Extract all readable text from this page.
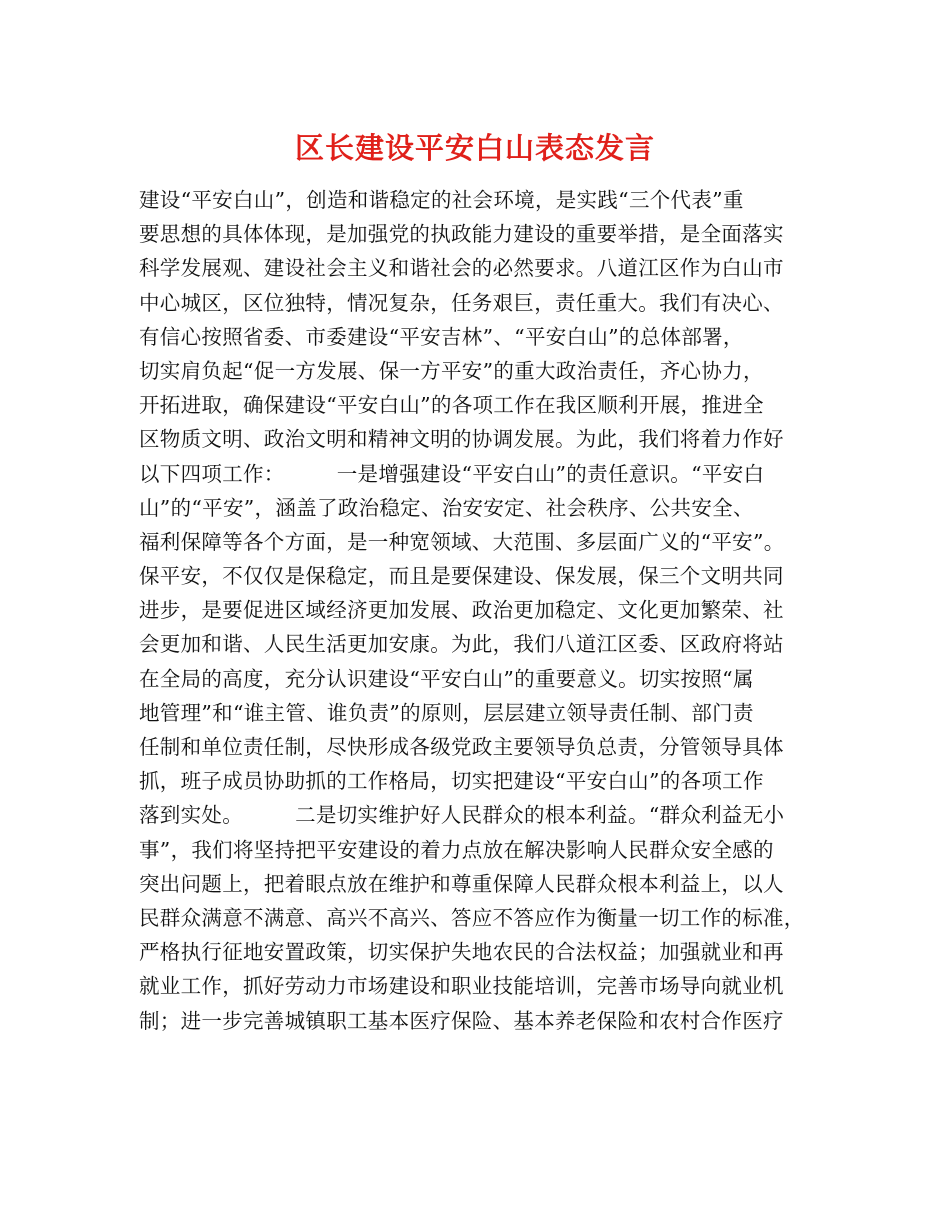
区长建设平安白山表态发言
建设“平安白山”，创造和谐稳定的社会环境，是实践“三个代表”重
要思想的具体体现，是加强党的执政能力建设的重要举措，是全面落实
科学发展观、建设社会主义和谐社会的必然要求。八道江区作为白山市
中心城区，区位独特，情况复杂，任务艰巨，责任重大。我们有决心、
有信心按照省委、市委建设“平安吉林”、“平安白山”的总体部署，
切实肩负起“促一方发展、保一方平安”的重大政治责任，齐心协力，
开拓进取，确保建设“平安白山”的各项工作在我区顺利开展，推进全
区物质文明、政治文明和精神文明的协调发展。为此，我们将着力作好
以下四项工作：　　　一是增强建设“平安白山”的责任意识。“平安白
山”的“平安”，涵盖了政治稳定、治安安定、社会秩序、公共安全、
福利保障等各个方面，是一种宽领域、大范围、多层面广义的“平安”。
保平安，不仅仅是保稳定，而且是要保建设、保发展，保三个文明共同
进步，是要促进区域经济更加发展、政治更加稳定、文化更加繁荣、社
会更加和谐、人民生活更加安康。为此，我们八道江区委、区政府将站
在全局的高度，充分认识建设“平安白山”的重要意义。切实按照“属
地管理”和“谁主管、谁负责”的原则，层层建立领导责任制、部门责
任制和单位责任制，尽快形成各级党政主要领导负总责，分管领导具体
抓，班子成员协助抓的工作格局，切实把建设“平安白山”的各项工作
落到实处。　　　二是切实维护好人民群众的根本利益。“群众利益无小
事”，我们将坚持把平安建设的着力点放在解决影响人民群众安全感的
突出问题上，把着眼点放在维护和尊重保障人民群众根本利益上，以人
民群众满意不满意、高兴不高兴、答应不答应作为衡量一切工作的标准，
严格执行征地安置政策，切实保护失地农民的合法权益；加强就业和再
就业工作，抓好劳动力市场建设和职业技能培训，完善市场导向就业机
制；进一步完善城镇职工基本医疗保险、基本养老保险和农村合作医疗
